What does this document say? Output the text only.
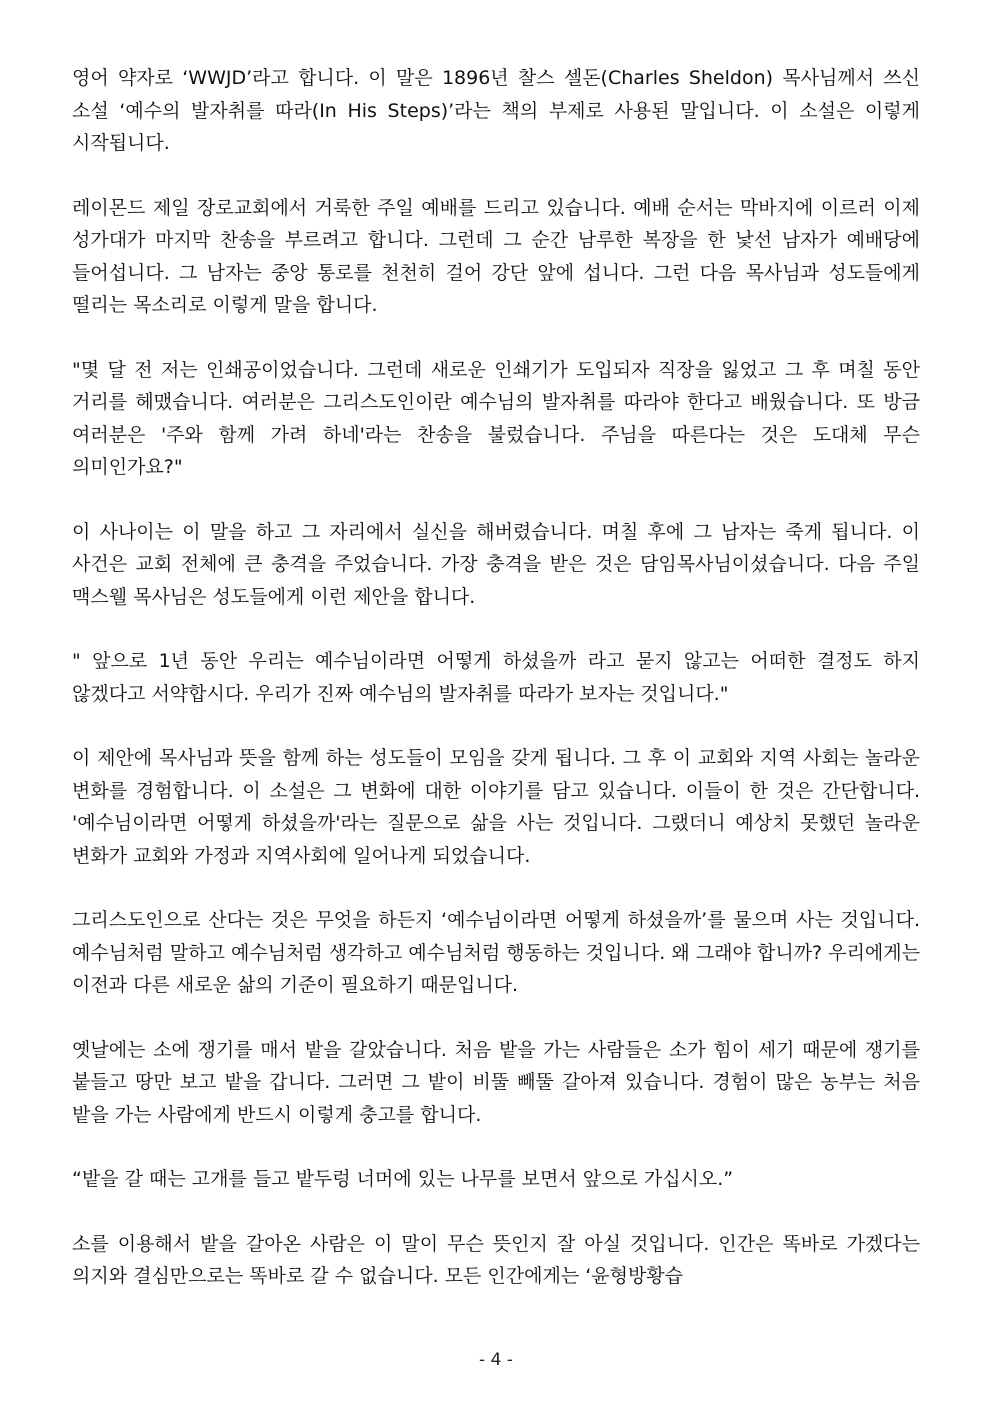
영어 약자로 ‘WWJD’라고 합니다. 이 말은 1896년 찰스 셀돈(Charles Sheldon) 목사님께서 쓰신 소설 ‘예수의 발자취를 따라(In His Steps)’라는 책의 부제로 사용된 말입니다. 이 소설은 이렇게 시작됩니다.

레이몬드 제일 장로교회에서 거룩한 주일 예배를 드리고 있습니다. 예배 순서는 막바지에 이르러 이제 성가대가 마지막 찬송을 부르려고 합니다. 그런데 그 순간 남루한 복장을 한 낯선 남자가 예배당에 들어섭니다. 그 남자는 중앙 통로를 천천히 걸어 강단 앞에 섭니다. 그런 다음 목사님과 성도들에게 떨리는 목소리로 이렇게 말을 합니다.

"몇 달 전 저는 인쇄공이었습니다. 그런데 새로운 인쇄기가 도입되자 직장을 잃었고 그 후 며칠 동안 거리를 헤맸습니다. 여러분은 그리스도인이란 예수님의 발자취를 따라야 한다고 배웠습니다. 또 방금 여러분은 '주와 함께 가려 하네'라는 찬송을 불렀습니다. 주님을 따른다는 것은 도대체 무슨 의미인가요?"

이 사나이는 이 말을 하고 그 자리에서 실신을 해버렸습니다. 며칠 후에 그 남자는 죽게 됩니다. 이 사건은 교회 전체에 큰 충격을 주었습니다. 가장 충격을 받은 것은 담임목사님이셨습니다. 다음 주일 맥스웰 목사님은 성도들에게 이런 제안을 합니다.

" 앞으로 1년 동안 우리는 예수님이라면 어떻게 하셨을까 라고 묻지 않고는 어떠한 결정도 하지 않겠다고 서약합시다. 우리가 진짜 예수님의 발자취를 따라가 보자는 것입니다."

이 제안에 목사님과 뜻을 함께 하는 성도들이 모임을 갖게 됩니다. 그 후 이 교회와 지역 사회는 놀라운 변화를 경험합니다. 이 소설은 그 변화에 대한 이야기를 담고 있습니다. 이들이 한 것은 간단합니다. '예수님이라면 어떻게 하셨을까'라는 질문으로 삶을 사는 것입니다. 그랬더니 예상치 못했던 놀라운 변화가 교회와 가정과 지역사회에 일어나게 되었습니다.

그리스도인으로 산다는 것은 무엇을 하든지 ‘예수님이라면 어떻게 하셨을까’를 물으며 사는 것입니다. 예수님처럼 말하고 예수님처럼 생각하고 예수님처럼 행동하는 것입니다. 왜 그래야 합니까? 우리에게는 이전과 다른 새로운 삶의 기준이 필요하기 때문입니다.

옛날에는 소에 쟁기를 매서 밭을 갈았습니다. 처음 밭을 가는 사람들은 소가 힘이 세기 때문에 쟁기를 붙들고 땅만 보고 밭을 갑니다. 그러면 그 밭이 비뚤 빼뚤 갈아져 있습니다. 경험이 많은 농부는 처음 밭을 가는 사람에게 반드시 이렇게 충고를 합니다.

“밭을 갈 때는 고개를 들고 밭두렁 너머에 있는 나무를 보면서 앞으로 가십시오.”

소를 이용해서 밭을 갈아온 사람은 이 말이 무슨 뜻인지 잘 아실 것입니다. 인간은 똑바로 가겠다는 의지와 결심만으로는 똑바로 갈 수 없습니다. 모든 인간에게는 ‘윤형방황습

- 4 -
